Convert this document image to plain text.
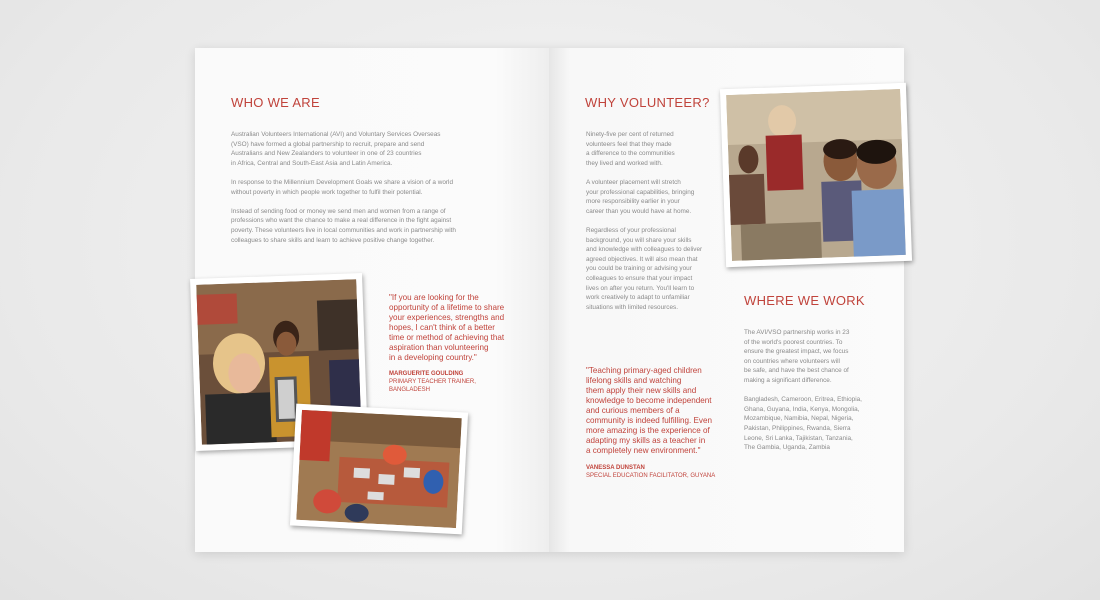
WHO WE ARE

Australian Volunteers International (AVI) and Voluntary Services Overseas
(VSO) have formed a global partnership to recruit, prepare and send
Australians and New Zealanders to volunteer in one of 23 countries
in Africa, Central and South-East Asia and Latin America.

In response to the Millennium Development Goals we share a vision of a world
without poverty in which people work together to fulfil their potential.

Instead of sending food or money we send men and women from a range of
professions who want the chance to make a real difference in the fight against
poverty. These volunteers live in local communities and work in partnership with
colleagues to share skills and learn to achieve positive change together.

"If you are looking for the
opportunity of a lifetime to share
your experiences, strengths and
hopes, I can't think of a better
time or method of achieving that
aspiration than volunteering
in a developing country."
MARGUERITE GOULDING
PRIMARY TEACHER TRAINER,
BANGLADESH
WHY VOLUNTEER?

Ninety-five per cent of returned
volunteers feel that they made
a difference to the communities
they lived and worked with.

A volunteer placement will stretch
your professional capabilities, bringing
more responsibility earlier in your
career than you would have at home.

Regardless of your professional
background, you will share your skills
and knowledge with colleagues to deliver
agreed objectives. It will also mean that
you could be training or advising your
colleagues to ensure that your impact
lives on after you return. You'll learn to
work creatively to adapt to unfamiliar
situations with limited resources.	WHERE WE WORK

The AVI/VSO partnership works in 23
of the world's poorest countries. To
ensure the greatest impact, we focus
on countries where volunteers will
be safe, and have the best chance of
making a significant difference.

Bangladesh, Cameroon, Eritrea, Ethiopia,
Ghana, Guyana, India, Kenya, Mongolia,
Mozambique, Namibia, Nepal, Nigeria,
Pakistan, Philippines, Rwanda, Sierra
Leone, Sri Lanka, Tajikistan, Tanzania,
The Gambia, Uganda, Zambia

"Teaching primary-aged children
lifelong skills and watching
them apply their new skills and
knowledge to become independent
and curious members of a
community is indeed fulfilling. Even
more amazing is the experience of
adapting my skills as a teacher in
a completely new environment."
VANESSA DUNSTAN
SPECIAL EDUCATION FACILITATOR, GUYANA
